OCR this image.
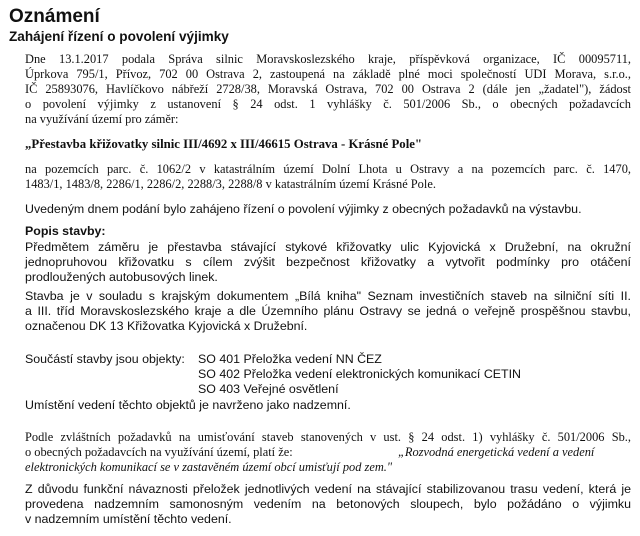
Oznámení
Zahájení řízení o povolení výjimky
Dne 13.1.2017 podala Správa silnic Moravskoslezského kraje, příspěvková organizace, IČ 00095711,
Úprkova 795/1, Přívoz, 702 00 Ostrava 2, zastoupená na základě plné moci společností UDI Morava, s.r.o.,
IČ 25893076, Havlíčkovo nábřeží 2728/38, Moravská Ostrava, 702 00 Ostrava 2 (dále jen „žadatel"), žádost
o povolení výjimky z ustanovení § 24 odst. 1 vyhlášky č. 501/2006 Sb., o obecných požadavcích
na využívání území pro záměr:
„Přestavba křižovatky silnic III/4692 x III/46615 Ostrava - Krásné Pole"
na pozemcích parc. č. 1062/2 v katastrálním území Dolní Lhota u Ostravy a na pozemcích parc. č. 1470,
1483/1, 1483/8, 2286/1, 2286/2, 2288/3, 2288/8 v katastrálním území Krásné Pole.
Uvedeným dnem podání bylo zahájeno řízení o povolení výjimky z obecných požadavků na výstavbu.
Popis stavby:
Předmětem záměru je přestavba stávající stykové křižovatky ulic Kyjovická x Družební, na okružní
jednopruhovou křižovatku s cílem zvýšit bezpečnost křižovatky a vytvořit podmínky pro otáčení
prodloužených autobusových linek.
Stavba je v souladu s krajským dokumentem „Bílá kniha" Seznam investičních staveb na silniční síti II.
a III. tříd Moravskoslezského kraje a dle Územního plánu Ostravy se jedná o veřejně prospěšnou stavbu,
označenou DK 13 Křižovatka Kyjovická x Družební.
Součástí stavby jsou objekty: SO 401 Přeložka vedení NN ČEZ
SO 402 Přeložka vedení elektronických komunikací CETIN
SO 403 Veřejné osvětlení
Umístění vedení těchto objektů je navrženo jako nadzemní.
Podle zvláštních požadavků na umisťování staveb stanovených v ust. § 24 odst. 1) vyhlášky č. 501/2006 Sb.,
o obecných požadavcích na využívání území, platí že:	„Rozvodná energetická vedení a vedení
elektronických komunikací se v zastavěném území obcí umisťují pod zem."
Z důvodu funkční návaznosti přeložek jednotlivých vedení na stávající stabilizovanou trasu vedení, která je
provedena nadzemním samonosným vedením na betonových sloupech, bylo požádáno o výjimku
v nadzemním umístění těchto vedení.
